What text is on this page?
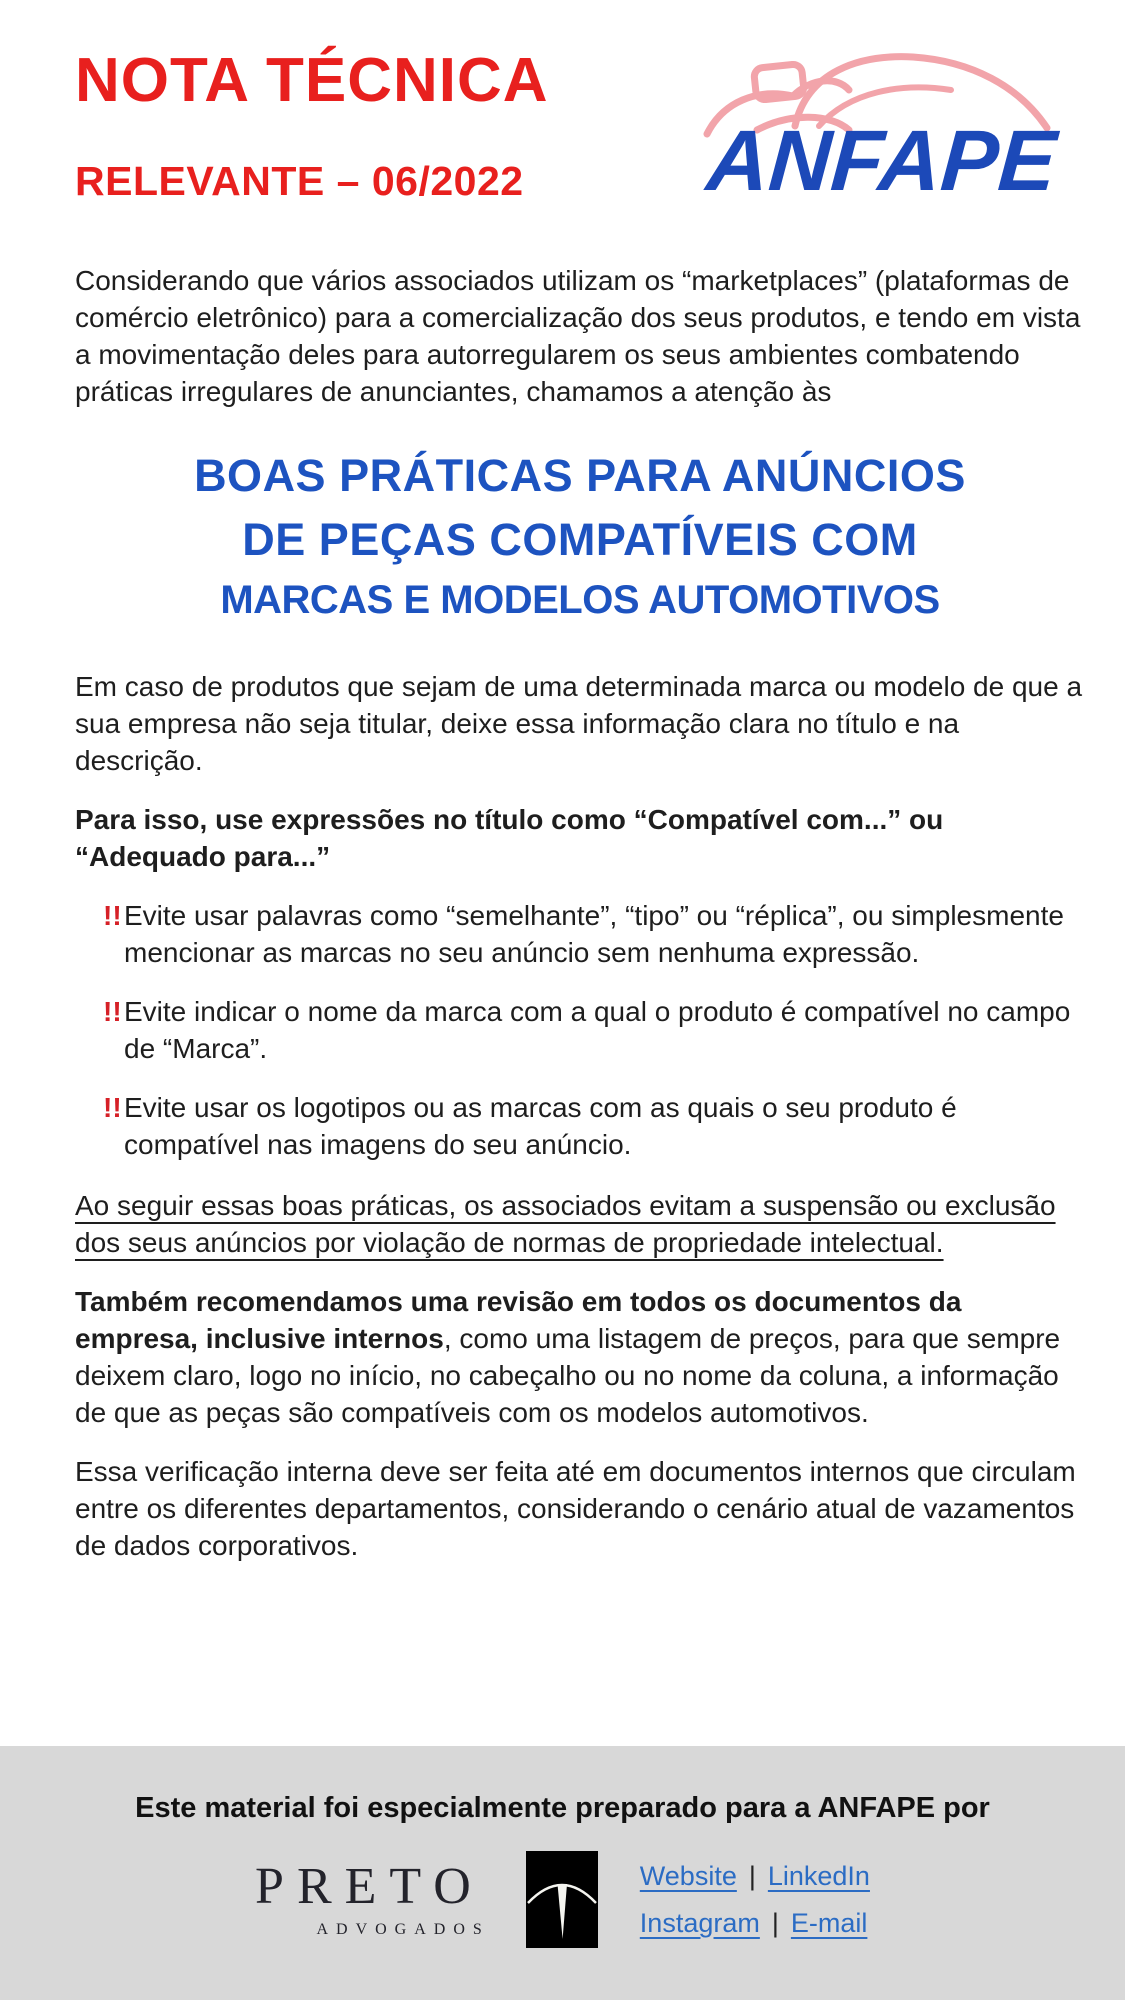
NOTA TÉCNICA
RELEVANTE – 06/2022 ANFAPE

Considerando que vários associados utilizam os “marketplaces” (plataformas de comércio eletrônico) para a comercialização dos seus produtos, e tendo em vista a movimentação deles para autorregularem os seus ambientes combatendo práticas irregulares de anunciantes, chamamos a atenção às

BOAS PRÁTICAS PARA ANÚNCIOS
DE PEÇAS COMPATÍVEIS COM
MARCAS E MODELOS AUTOMOTIVOS

Em caso de produtos que sejam de uma determinada marca ou modelo de que a sua empresa não seja titular, deixe essa informação clara no título e na descrição.

Para isso, use expressões no título como “Compatível com...” ou “Adequado para...”

!! Evite usar palavras como “semelhante”, “tipo” ou “réplica”, ou simplesmente mencionar as marcas no seu anúncio sem nenhuma expressão.
!! Evite indicar o nome da marca com a qual o produto é compatível no campo de “Marca”.
!! Evite usar os logotipos ou as marcas com as quais o seu produto é compatível nas imagens do seu anúncio.

Ao seguir essas boas práticas, os associados evitam a suspensão ou exclusão dos seus anúncios por violação de normas de propriedade intelectual.

Também recomendamos uma revisão em todos os documentos da empresa, inclusive internos, como uma listagem de preços, para que sempre deixem claro, logo no início, no cabeçalho ou no nome da coluna, a informação de que as peças são compatíveis com os modelos automotivos.

Essa verificação interna deve ser feita até em documentos internos que circulam entre os diferentes departamentos, considerando o cenário atual de vazamentos de dados corporativos.

Este material foi especialmente preparado para a ANFAPE por

PRETO
ADVOGADOS
Website | LinkedIn
Instagram | E-mail
